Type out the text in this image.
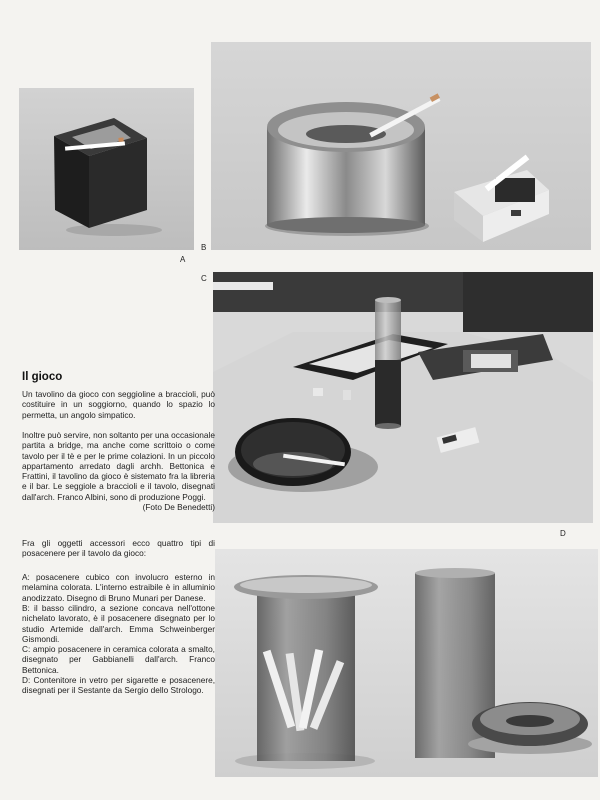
A
B
C
D
Il gioco

Un tavolino da gioco con seggioline a braccioli, può costituire in un soggiorno, quando lo spazio lo permetta, un angolo simpatico.

Inoltre può servire, non soltanto per una occasionale partita a bridge, ma anche come scrittoio o come tavolo per il tè e per le prime colazioni. In un piccolo appartamento arredato dagli archh. Bettonica e Frattini, il tavolino da gioco è sistemato fra la libreria e il bar. Le seggiole a braccioli e il tavolo, disegnati dall'arch. Franco Albini, sono di produzione Poggi.

(Foto De Benedetti)

Fra gli oggetti accessori ecco quattro tipi di posacenere per il tavolo da gioco:

A: posacenere cubico con involucro esterno in melamina colorata. L'interno estraibile è in alluminio anodizzato. Disegno di Bruno Munari per Danese.

B: il basso cilindro, a sezione concava nell'ottone nichelato lavorato, è il posacenere disegnato per lo studio Artemide dall'arch. Emma Schweinberger Gismondi.

C: ampio posacenere in ceramica colorata a smalto, disegnato per Gabbianelli dall'arch. Franco Bettonica.

D: Contenitore in vetro per sigarette e posacenere, disegnati per il Sestante da Sergio dello Strologo.
